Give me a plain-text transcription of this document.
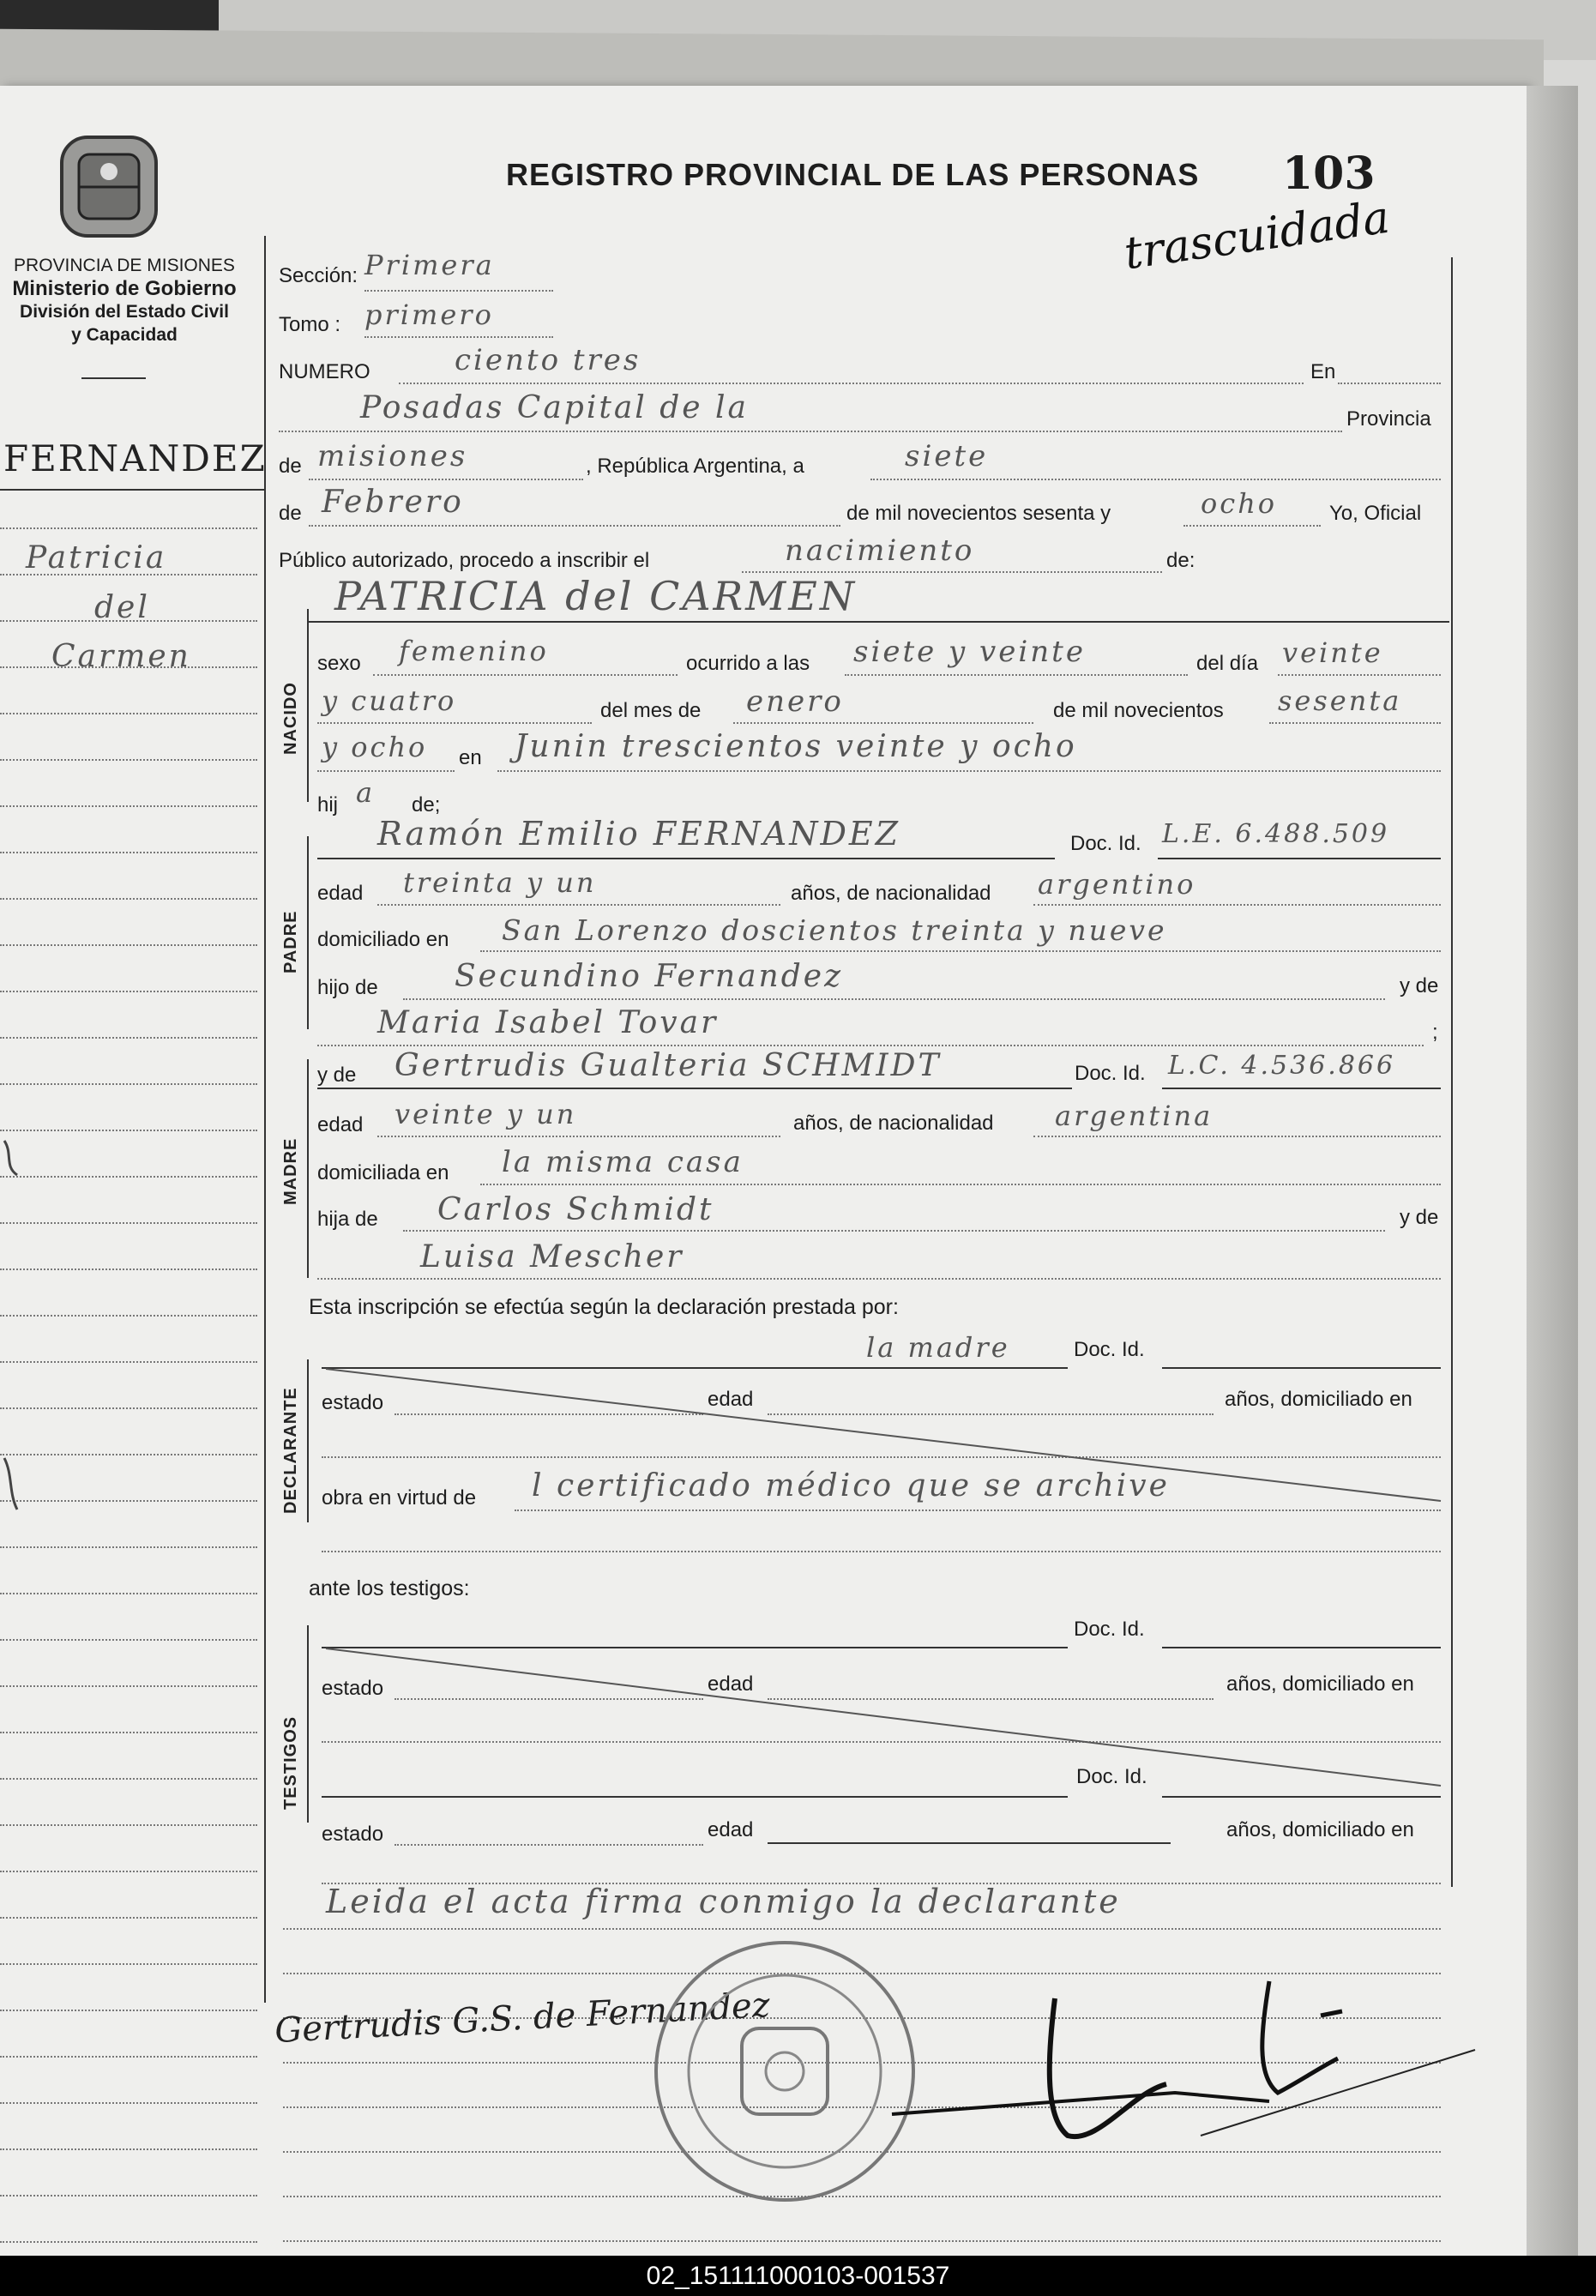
PROVINCIA DE MISIONES
Ministerio de Gobierno
División del Estado Civil
y Capacidad
REGISTRO PROVINCIAL DE LAS PERSONAS 103
trascuidada
NACIDO
PADRE
MADRE
DECLARANTE
TESTIGOS
FERNANDEZ
Patricia
del
Carmen
Sección: Primera
Tomo : primero
NUMERO	ciento tres	En
Posadas Capital de la	Provincia
de misiones	, República Argentina, a	siete
de Febrero	de mil novecientos sesenta y	ocho	Yo, Oficial
Público autorizado, procedo a inscribir el	nacimiento	de:
PATRICIA del CARMEN
sexo femenino	ocurrido a las siete y veinte	del día veinte
y cuatro	del mes de enero	de mil novecientos sesenta
y ocho en Junin trescientos veinte y ocho
hij a de;
Ramón Emilio FERNANDEZ	Doc. Id. L.E. 6.488.509
edad treinta y un	años, de nacionalidad argentino
domiciliado en San Lorenzo doscientos treinta y nueve
hijo de Secundino Fernandez	y de
Maria Isabel Tovar	;
y de Gertrudis Gualteria SCHMIDT	Doc. Id. L.C. 4.536.866
edad veinte y un	años, de nacionalidad argentina
domiciliada en la misma casa
hija de Carlos Schmidt	y de
Luisa Mescher
Esta inscripción se efectúa según la declaración prestada por:
la madre	Doc. Id.
estado	edad	años, domiciliado en
obra en virtud de l certificado médico que se archive
ante los testigos:
Doc. Id.
estado	edad	años, domiciliado en
Doc. Id.
estado	edad	años, domiciliado en
Leida el acta firma conmigo la declarante
Gertrudis G.S. de Fernandez
02_151111000103-001537
